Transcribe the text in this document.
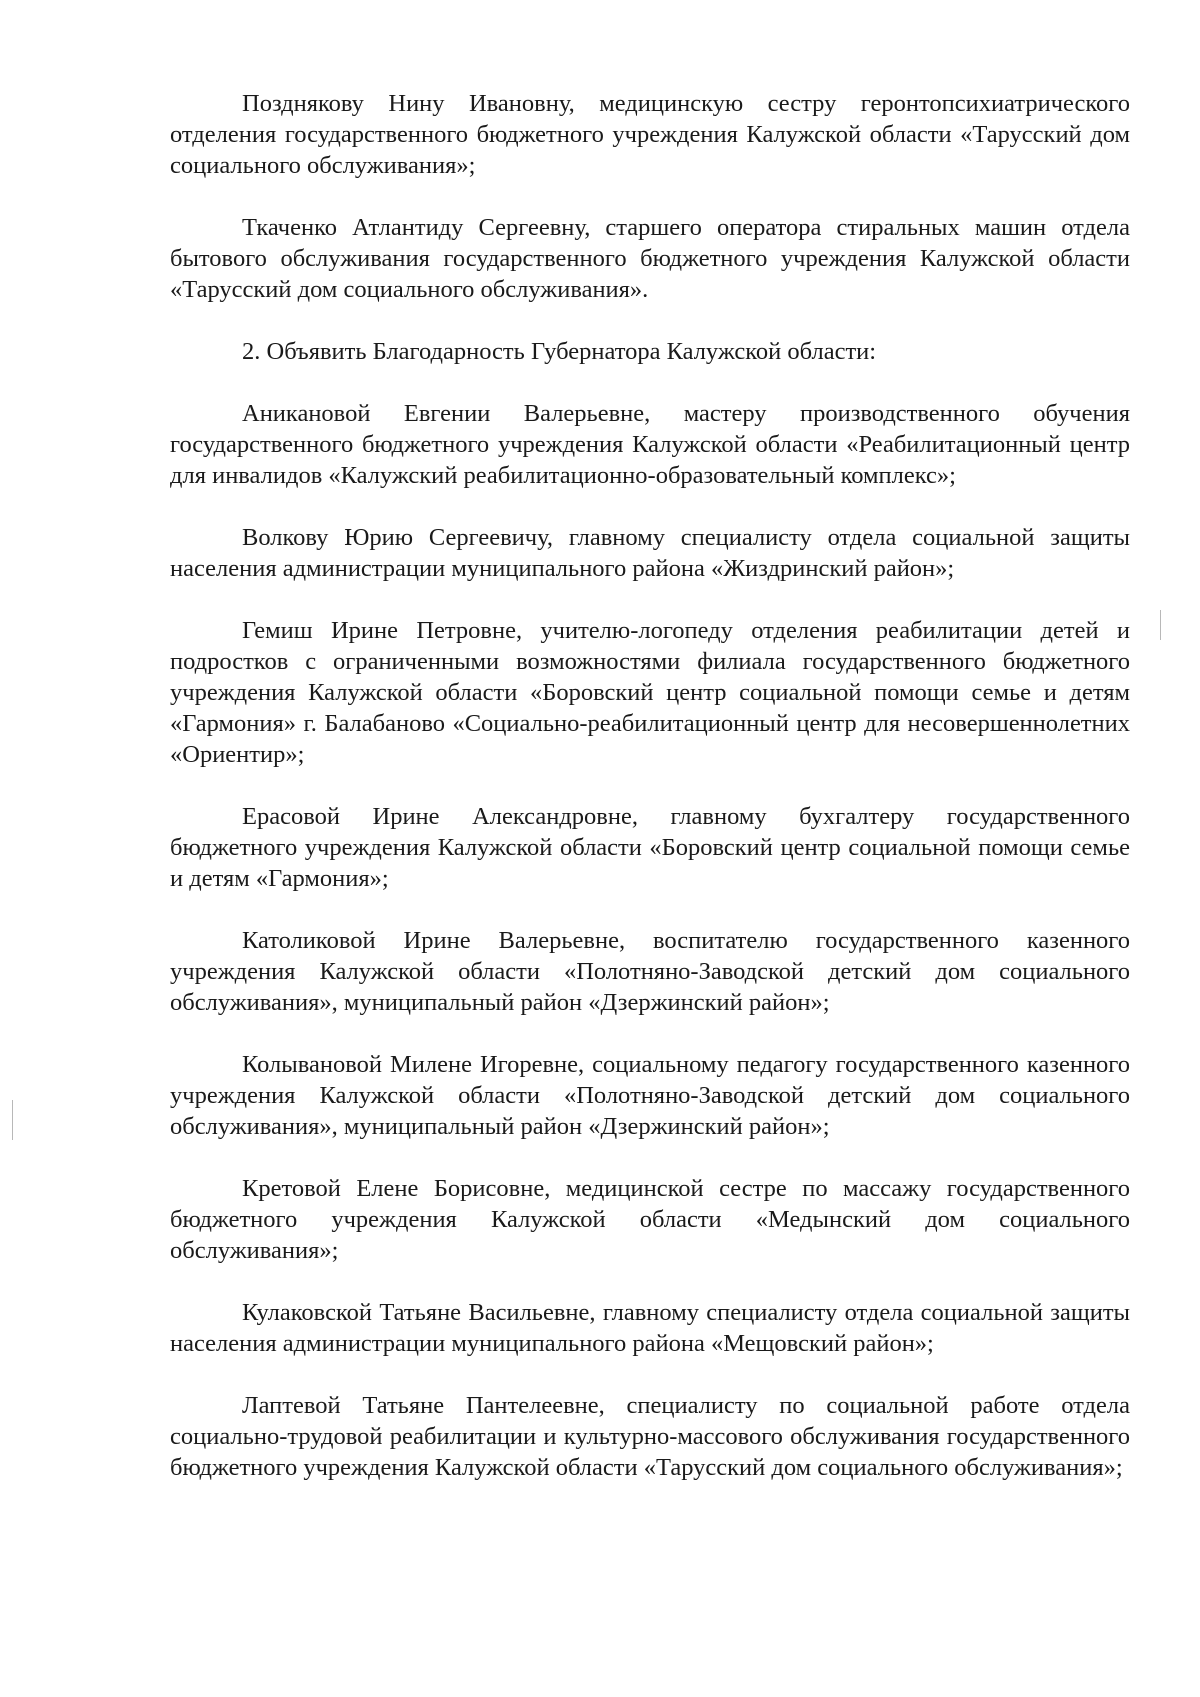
Позднякову Нину Ивановну, медицинскую сестру геронтопсихиатрического отделения государственного бюджетного учреждения Калужской области «Тарусский дом социального обслуживания»;

Ткаченко Атлантиду Сергеевну, старшего оператора стиральных машин отдела бытового обслуживания государственного бюджетного учреждения Калужской области «Тарусский дом социального обслуживания».

2. Объявить Благодарность Губернатора Калужской области:

Аникановой Евгении Валерьевне, мастеру производственного обучения государственного бюджетного учреждения Калужской области «Реабилитационный центр для инвалидов «Калужский реабилитационно-образовательный комплекс»;

Волкову Юрию Сергеевичу, главному специалисту отдела социальной защиты населения администрации муниципального района «Жиздринский район»;

Гемиш Ирине Петровне, учителю-логопеду отделения реабилитации детей и подростков с ограниченными возможностями филиала государственного бюджетного учреждения Калужской области «Боровский центр социальной помощи семье и детям «Гармония» г. Балабаново «Социально-реабилитационный центр для несовершеннолетних «Ориентир»;

Ерасовой Ирине Александровне, главному бухгалтеру государственного бюджетного учреждения Калужской области «Боровский центр социальной помощи семье и детям «Гармония»;

Католиковой Ирине Валерьевне, воспитателю государственного казенного учреждения Калужской области «Полотняно-Заводской детский дом социального обслуживания», муниципальный район «Дзержинский район»;

Колывановой Милене Игоревне, социальному педагогу государственного казенного учреждения Калужской области «Полотняно-Заводской детский дом социального обслуживания», муниципальный район «Дзержинский район»;

Кретовой Елене Борисовне, медицинской сестре по массажу государственного бюджетного учреждения Калужской области «Медынский дом социального обслуживания»;

Кулаковской Татьяне Васильевне, главному специалисту отдела социальной защиты населения администрации муниципального района «Мещовский район»;

Лаптевой Татьяне Пантелеевне, специалисту по социальной работе отдела социально-трудовой реабилитации и культурно-массового обслуживания государственного бюджетного учреждения Калужской области «Тарусский дом социального обслуживания»;
